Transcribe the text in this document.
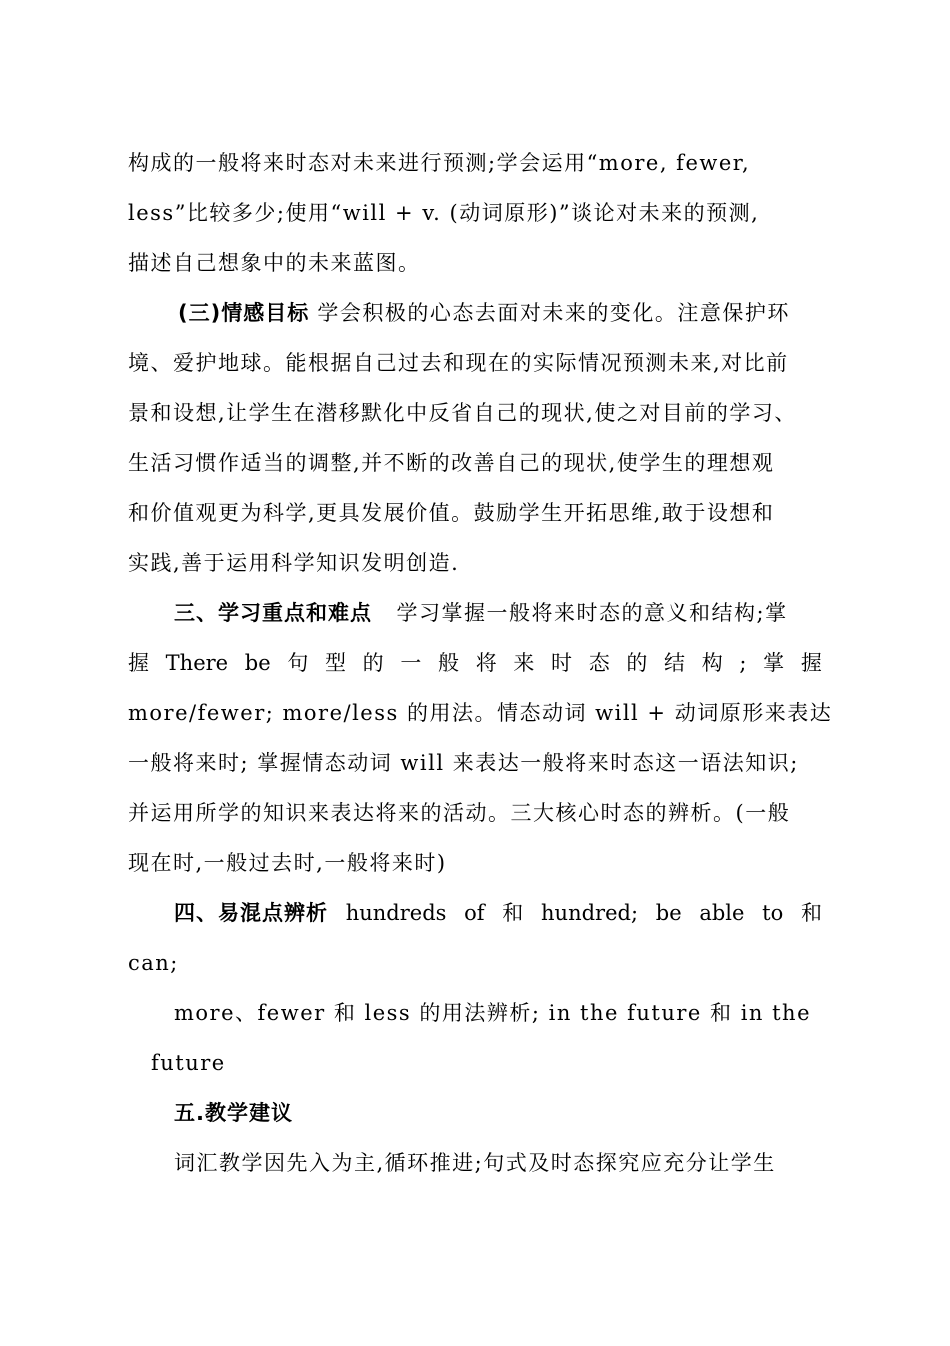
构成的一般将来时态对未来进行预测;学会运用“more, fewer,
less”比较多少;使用“will + v. (动词原形)”谈论对未来的预测,
描述自己想象中的未来蓝图。
(三)情感目标 学会积极的心态去面对未来的变化。注意保护环
境、爱护地球。能根据自己过去和现在的实际情况预测未来,对比前
景和设想,让学生在潜移默化中反省自己的现状,使之对目前的学习、
生活习惯作适当的调整,并不断的改善自己的现状,使学生的理想观
和价值观更为科学,更具发展价值。鼓励学生开拓思维,敢于设想和
实践,善于运用科学知识发明创造.
三、学习重点和难点 学习掌握一般将来时态的意义和结构;掌
握 There be 句 型 的 一 般 将 来 时 态 的 结 构 ; 掌 握
more/fewer; more/less 的用法。情态动词 will + 动词原形来表达
一般将来时; 掌握情态动词 will 来表达一般将来时态这一语法知识;
并运用所学的知识来表达将来的活动。三大核心时态的辨析。(一般
现在时,一般过去时,一般将来时)
四、易混点辨析 hundreds of 和 hundred; be able to 和
can;
more、fewer 和 less 的用法辨析; in the future 和 in the
future
五.教学建议
词汇教学因先入为主,循环推进;句式及时态探究应充分让学生
